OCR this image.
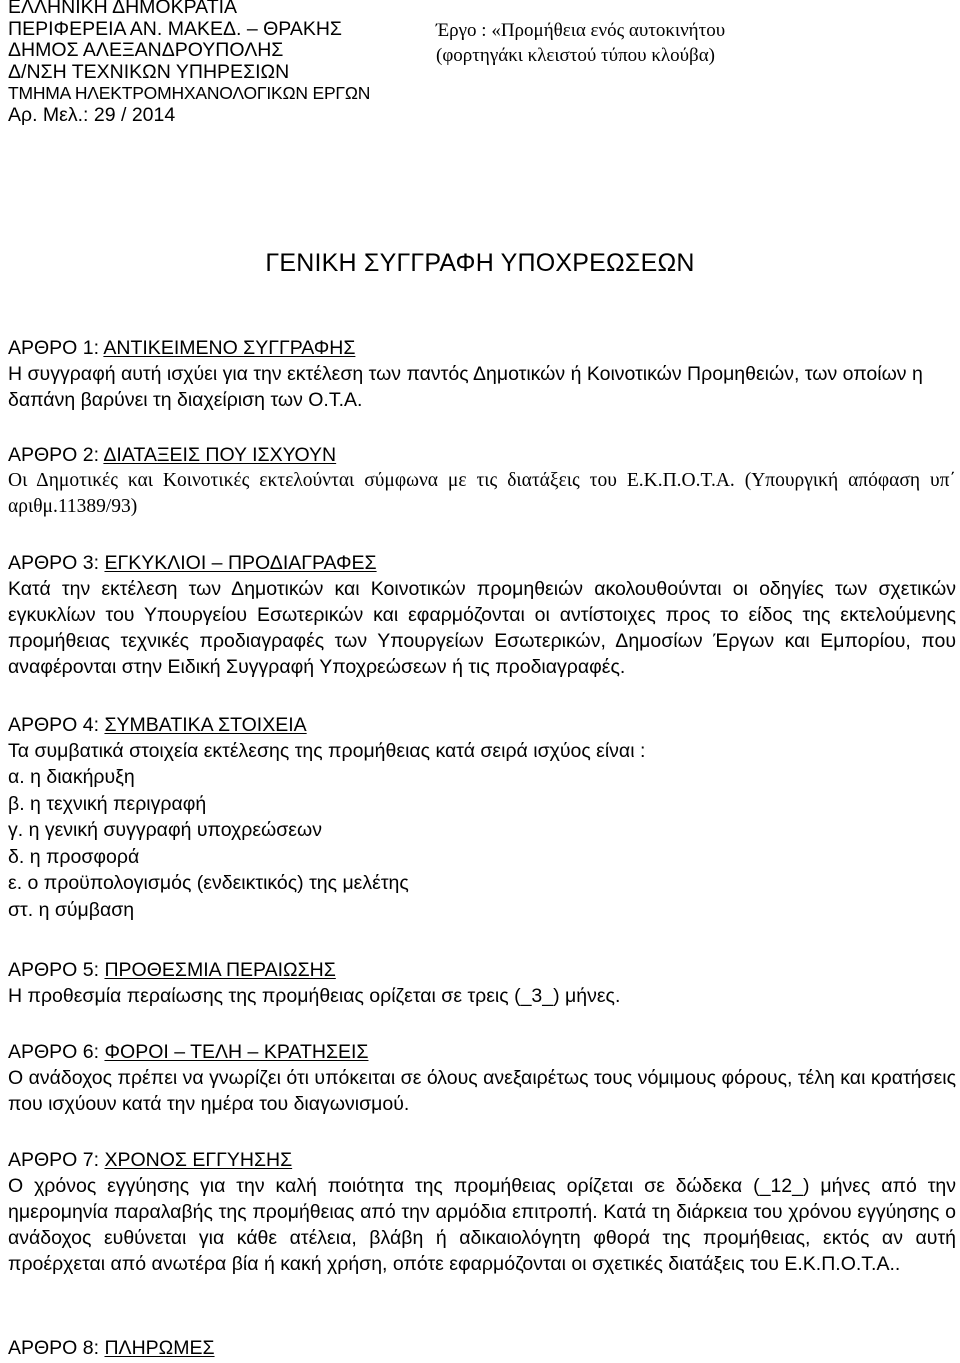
ΕΛΛΗΝΙΚΗ ΔΗΜΟΚΡΑΤΙΑ
ΠΕΡΙΦΕΡΕΙΑ ΑΝ. ΜΑΚΕΔ. – ΘΡΑΚΗΣ
ΔΗΜΟΣ ΑΛΕΞΑΝΔΡΟΥΠΟΛΗΣ
Δ/ΝΣΗ ΤΕΧΝΙΚΩΝ ΥΠΗΡΕΣΙΩΝ
ΤΜΗΜΑ ΗΛΕΚΤΡΟΜΗΧΑΝΟΛΟΓΙΚΩΝ ΕΡΓΩΝ
Αρ. Μελ.: 29 / 2014
Έργο : «Προμήθεια ενός αυτοκινήτου
(φορτηγάκι κλειστού τύπου κλούβα)
ΓΕΝΙΚΗ ΣΥΓΓΡΑΦΗ ΥΠΟΧΡΕΩΣΕΩΝ
ΑΡΘΡΟ 1: ΑΝΤΙΚΕΙΜΕΝΟ ΣΥΓΓΡΑΦΗΣ
Η συγγραφή αυτή ισχύει για την εκτέλεση των παντός Δημοτικών ή Κοινοτικών Προμηθειών, των οποίων η δαπάνη βαρύνει τη διαχείριση των Ο.Τ.Α.
ΑΡΘΡΟ 2: ΔΙΑΤΑΞΕΙΣ ΠΟΥ ΙΣΧΥΟΥΝ
Οι Δημοτικές και Κοινοτικές εκτελούνται σύμφωνα με τις διατάξεις του Ε.Κ.Π.Ο.Τ.Α. (Υπουργική απόφαση υπ΄ αριθμ.11389/93)
ΑΡΘΡΟ 3: ΕΓΚΥΚΛΙΟΙ – ΠΡΟΔΙΑΓΡΑΦΕΣ
Κατά την εκτέλεση των Δημοτικών και Κοινοτικών προμηθειών ακολουθούνται οι οδηγίες των σχετικών εγκυκλίων του Υπουργείου Εσωτερικών και εφαρμόζονται οι αντίστοιχες προς το είδος της εκτελούμενης προμήθειας τεχνικές προδιαγραφές των Υπουργείων Εσωτερικών, Δημοσίων Έργων και Εμπορίου, που αναφέρονται στην Ειδική Συγγραφή Υποχρεώσεων ή τις προδιαγραφές.
ΑΡΘΡΟ 4: ΣΥΜΒΑΤΙΚΑ ΣΤΟΙΧΕΙΑ
Τα συμβατικά στοιχεία εκτέλεσης της προμήθειας κατά σειρά ισχύος είναι :
α. η διακήρυξη
β. η τεχνική περιγραφή
γ. η γενική συγγραφή υποχρεώσεων
δ. η προσφορά
ε. ο προϋπολογισμός (ενδεικτικός) της μελέτης
στ. η σύμβαση
ΑΡΘΡΟ 5: ΠΡΟΘΕΣΜΙΑ ΠΕΡΑΙΩΣΗΣ
Η προθεσμία περαίωσης της προμήθειας ορίζεται σε τρεις (_3_) μήνες.
ΑΡΘΡΟ 6: ΦΟΡΟΙ – ΤΕΛΗ – ΚΡΑΤΗΣΕΙΣ
Ο ανάδοχος πρέπει να γνωρίζει ότι υπόκειται σε όλους ανεξαιρέτως τους νόμιμους φόρους, τέλη και κρατήσεις που ισχύουν κατά την ημέρα του διαγωνισμού.
ΑΡΘΡΟ 7: ΧΡΟΝΟΣ ΕΓΓΥΗΣΗΣ
Ο χρόνος εγγύησης για την καλή ποιότητα της προμήθειας ορίζεται σε δώδεκα (_12_) μήνες από την ημερομηνία παραλαβής της προμήθειας από την αρμόδια επιτροπή. Κατά τη διάρκεια του χρόνου εγγύησης ο ανάδοχος ευθύνεται για κάθε ατέλεια, βλάβη ή αδικαιολόγητη φθορά της προμήθειας, εκτός αν αυτή προέρχεται από ανωτέρα βία ή κακή χρήση, οπότε εφαρμόζονται οι σχετικές διατάξεις του Ε.Κ.Π.Ο.Τ.Α..
ΑΡΘΡΟ 8: ΠΛΗΡΩΜΕΣ
